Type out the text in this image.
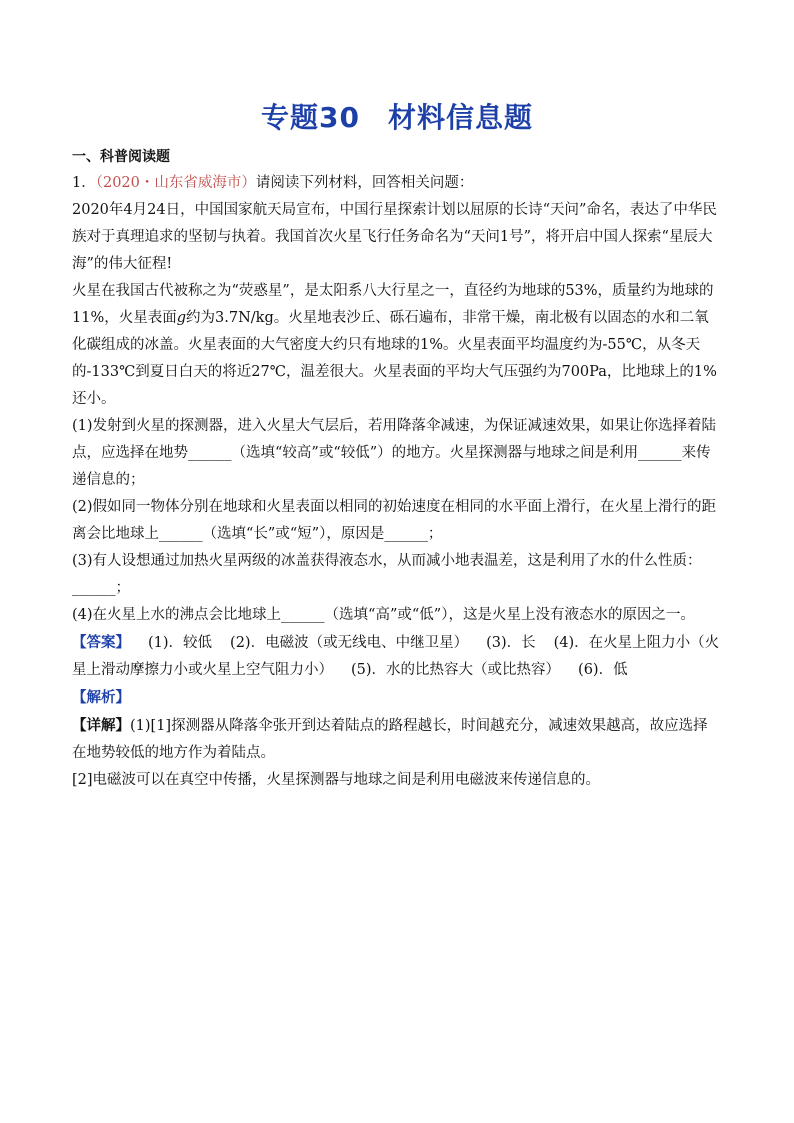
专题30 材料信息题
一、科普阅读题

1．（2020・山东省威海市）请阅读下列材料，回答相关问题：

2020年4月24日，中国国家航天局宣布，中国行星探索计划以屈原的长诗“天问”命名，表达了中华民族对于真理追求的坚韧与执着。我国首次火星飞行任务命名为“天问1号”，将开启中国人探索“星辰大海”的伟大征程!

火星在我国古代被称之为“荧惑星”，是太阳系八大行星之一，直径约为地球的53%，质量约为地球的11%，火星表面g约为3.7N/kg。火星地表沙丘、砾石遍布，非常干燥，南北极有以固态的水和二氧化碳组成的冰盖。火星表面的大气密度大约只有地球的1%。火星表面平均温度约为-55℃，从冬天的-133℃到夏日白天的将近27℃，温差很大。火星表面的平均大气压强约为700Pa，比地球上的1%还小。

(1)发射到火星的探测器，进入火星大气层后，若用降落伞减速，为保证减速效果，如果让你选择着陆点，应选择在地势______（选填“较高”或“较低”）的地方。火星探测器与地球之间是利用______来传递信息的；

(2)假如同一物体分别在地球和火星表面以相同的初始速度在相同的水平面上滑行，在火星上滑行的距离会比地球上______（选填“长”或“短”），原因是______；

(3)有人设想通过加热火星两级的冰盖获得液态水，从而减小地表温差，这是利用了水的什么性质：______；

(4)在火星上水的沸点会比地球上______（选填“高”或“低”），这是火星上没有液态水的原因之一。

【答案】 (1)．较低 (2)．电磁波（或无线电、中继卫星） (3)．长 (4)．在火星上阻力小（火星上滑动摩擦力小或火星上空气阻力小） (5)．水的比热容大（或比热容） (6)．低

【解析】

【详解】(1)[1]探测器从降落伞张开到达着陆点的路程越长，时间越充分，减速效果越高，故应选择在地势较低的地方作为着陆点。

[2]电磁波可以在真空中传播，火星探测器与地球之间是利用电磁波来传递信息的。
